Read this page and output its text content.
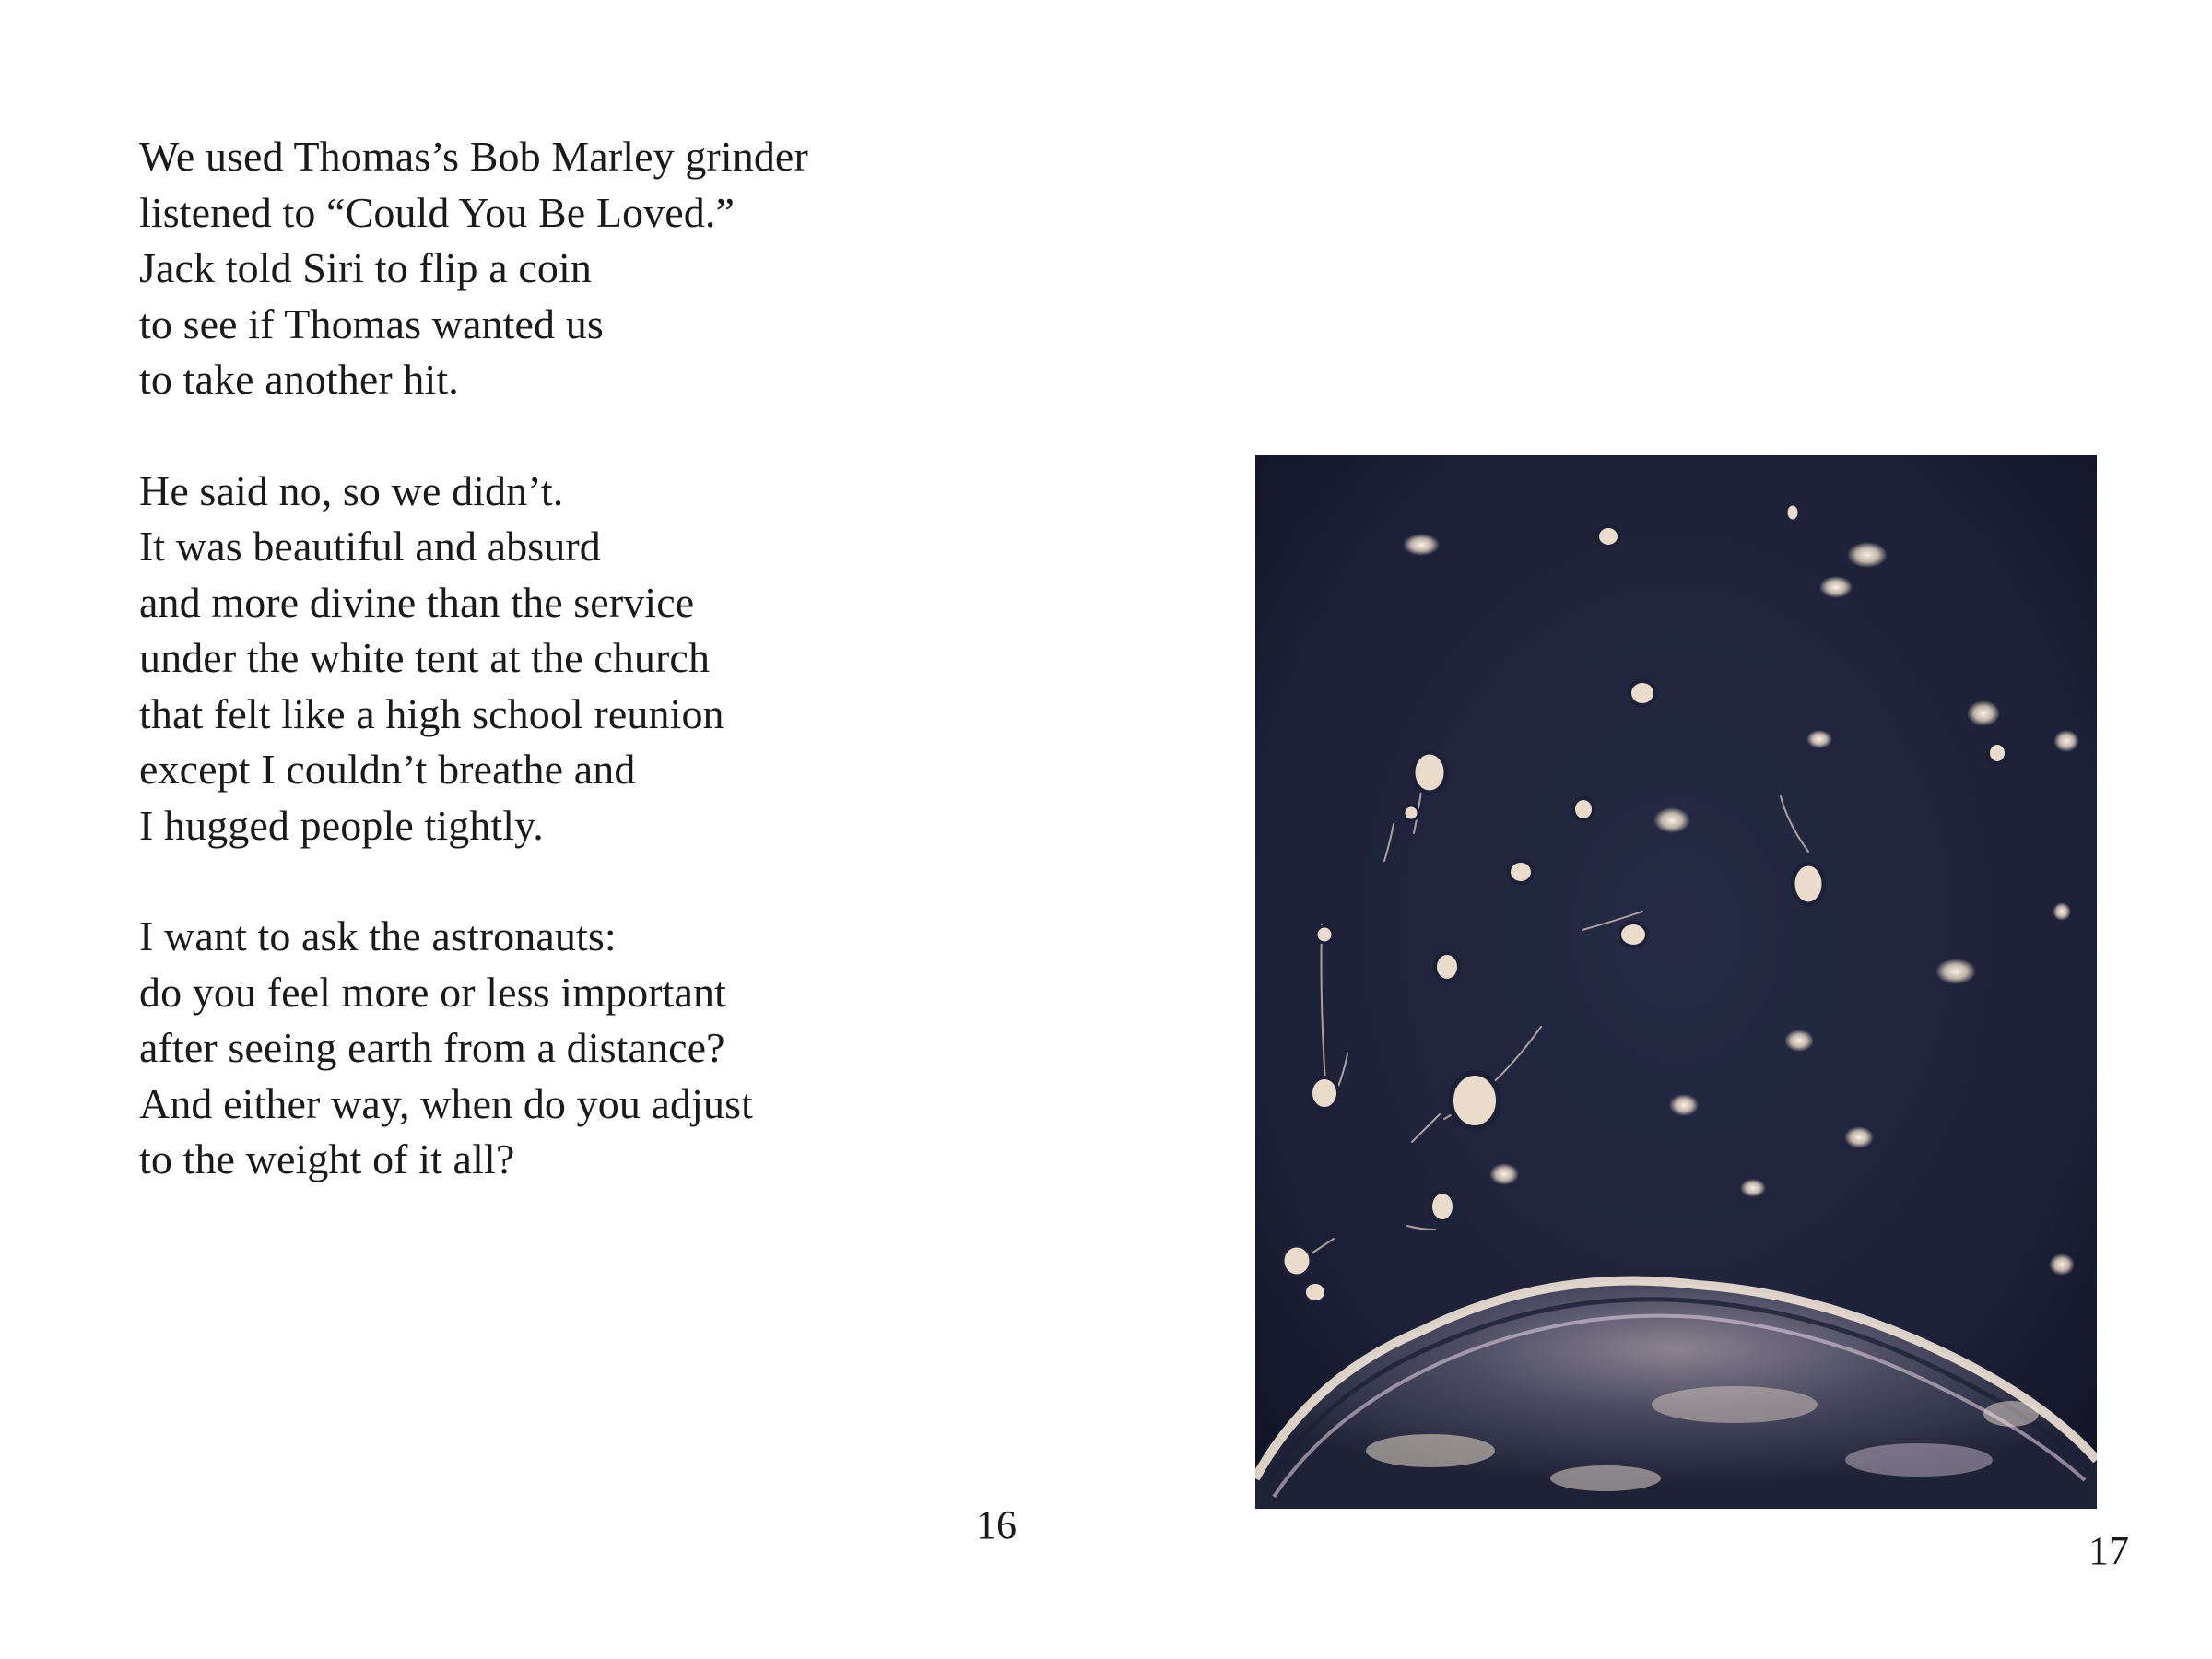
We used Thomas’s Bob Marley grinder
listened to “Could You Be Loved.”
Jack told Siri to flip a coin
to see if Thomas wanted us
to take another hit.
He said no, so we didn’t.
It was beautiful and absurd
and more divine than the service
under the white tent at the church
that felt like a high school reunion
except I couldn’t breathe and
I hugged people tightly.
I want to ask the astronauts:
do you feel more or less important
after seeing earth from a distance?
And either way, when do you adjust
to the weight of it all?
16
17
